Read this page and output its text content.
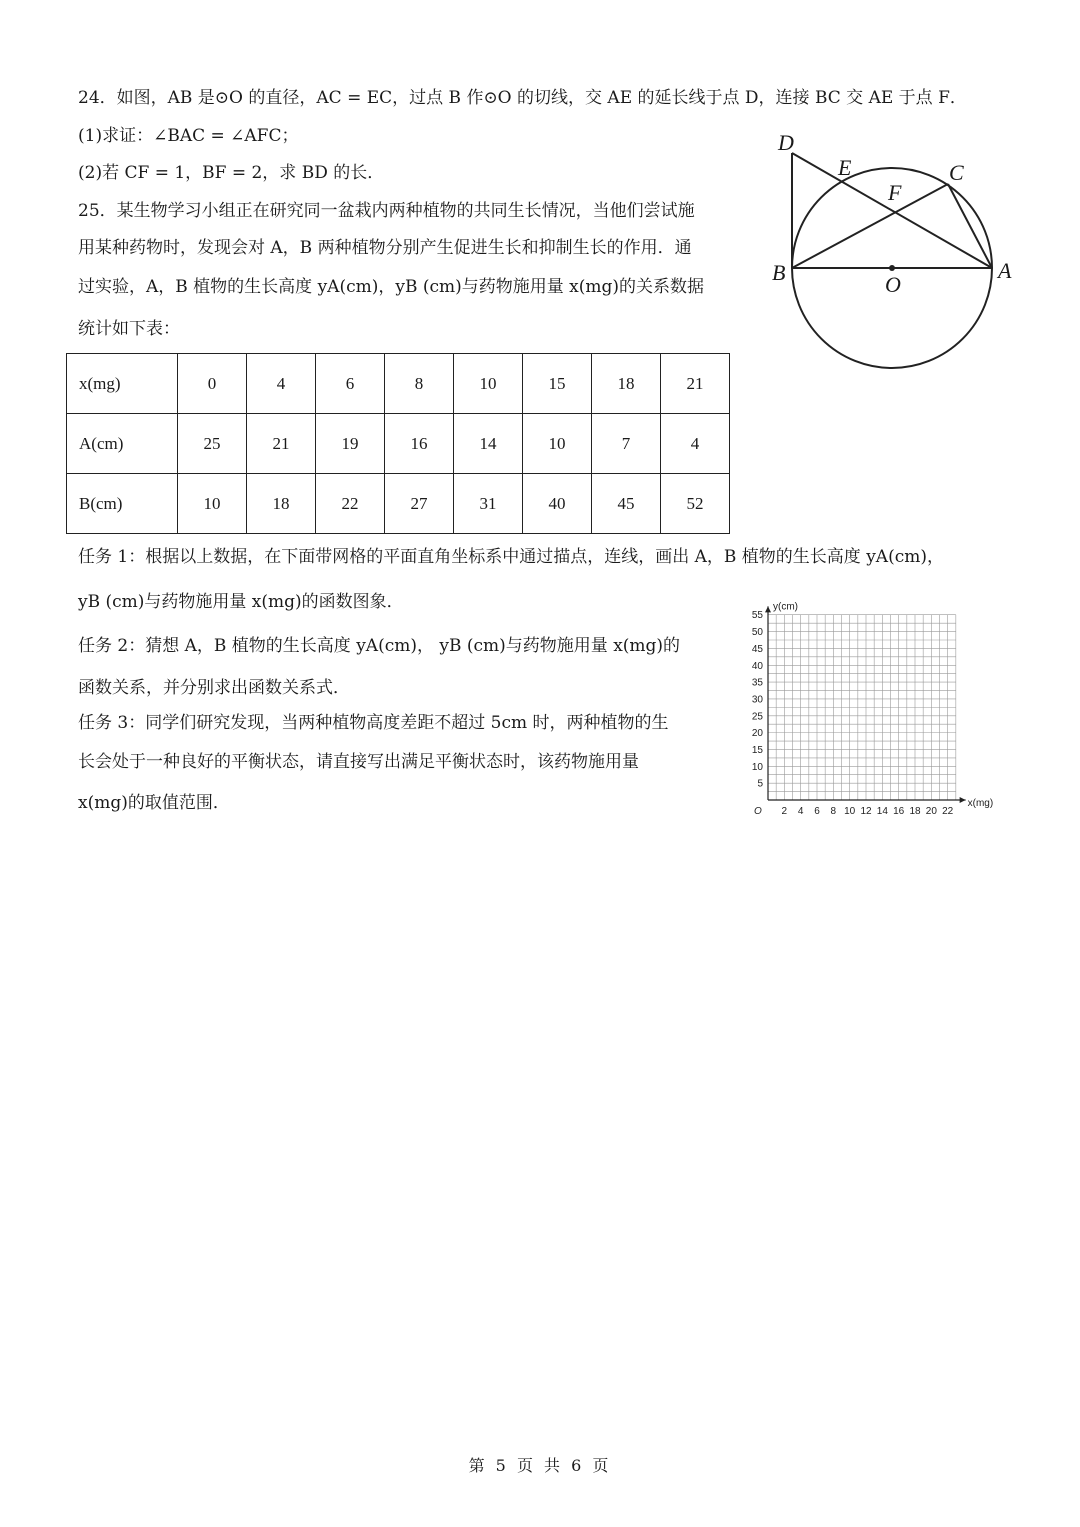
24．如图，AB 是⊙O 的直径，AC = EC，过点 B 作⊙O 的切线，交 AE 的延长线于点 D，连接 BC 交 AE 于点 F．
(1)求证：∠BAC = ∠AFC；
(2)若 CF = 1，BF = 2，求 BD 的长．
D
E	C
F
B	O
A
25．某生物学习小组正在研究同一盆栽内两种植物的共同生长情况，当他们尝试施
用某种药物时，发现会对 A，B 两种植物分别产生促进生长和抑制生长的作用．通
过实验，A，B 植物的生长高度 yA(cm)，yB (cm)与药物施用量 x(mg)的关系数据
统计如下表：
x(mg)	0	4	6	8	10	15	18	21
A(cm)	25	21	19	16	14	10	7	4
B(cm)	10	18	22	27	31	40	45	52
任务 1：根据以上数据，在下面带网格的平面直角坐标系中通过描点，连线，画出 A，B 植物的生长高度 yA(cm)，
yB (cm)与药物施用量 x(mg)的函数图象．
任务 2：猜想 A，B 植物的生长高度 yA(cm)， yB (cm)与药物施用量 x(mg)的
函数关系，并分别求出函数关系式．
任务 3：同学们研究发现，当两种植物高度差距不超过 5cm 时，两种植物的生
长会处于一种良好的平衡状态，请直接写出满足平衡状态时，该药物施用量
x(mg)的取值范围．	2 4 6 8 10 12 14 16 18 20 22
5
10
15
20
25
30
35
40
45
50
55
O
y(cm)
x(mg)
第 5 页 共 6 页
